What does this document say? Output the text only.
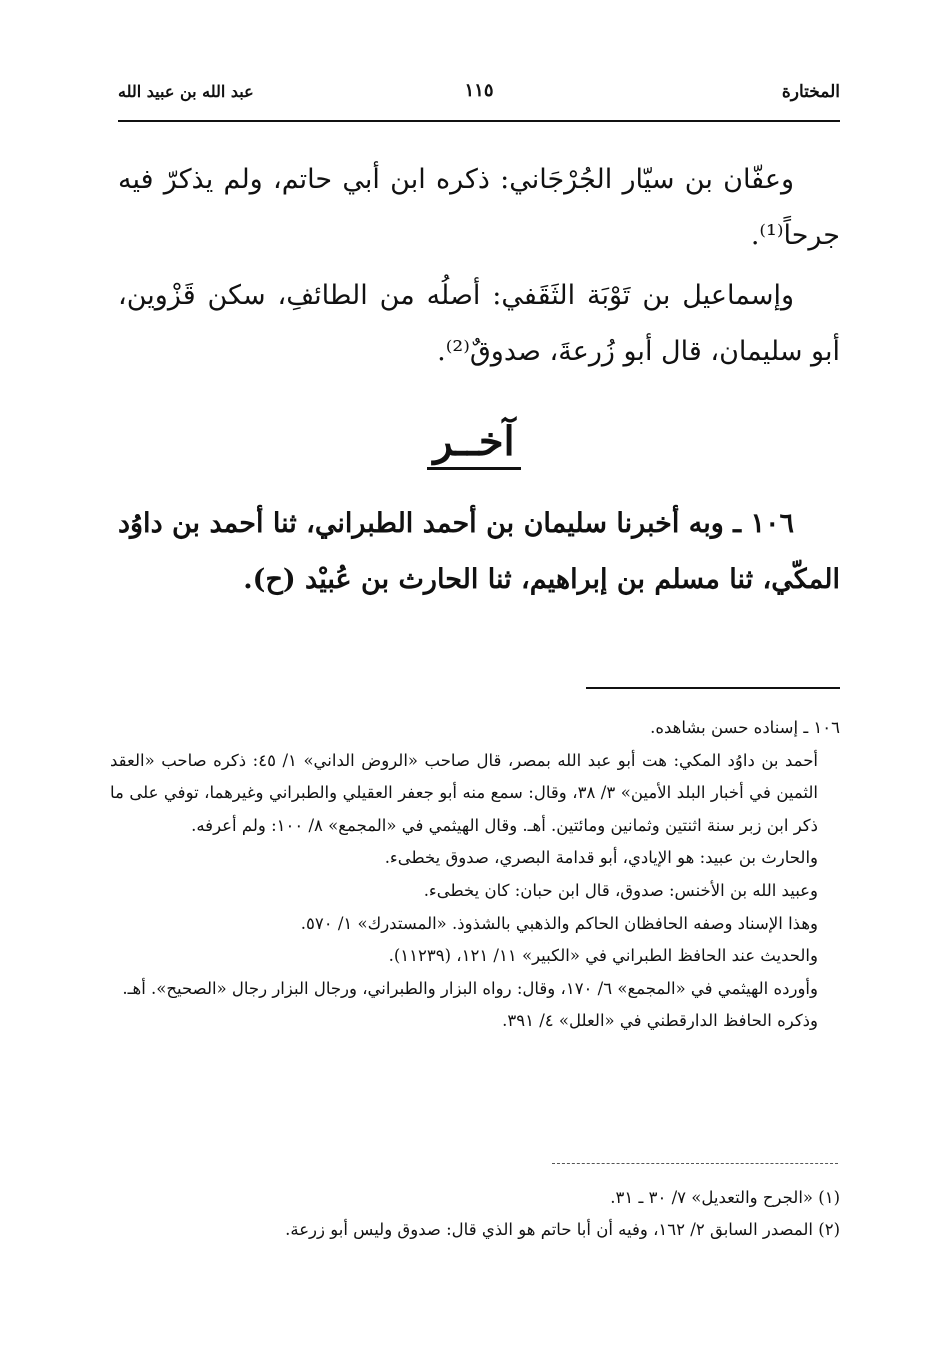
المختارة
١١٥
عبد الله بن عبيد الله
وعفّان بن سيّار الجُرْجَاني: ذكره ابن أبي حاتم، ولم يذكرّ فيه جرحاً⁽¹⁾.
وإسماعيل بن تَوْبَة الثَقَفي: أصلُه من الطائفِ، سكن قَزْوين، أبو سليمان، قال أبو زُرعةَ، صدوقٌ⁽²⁾.
آخــر
١٠٦ ـ وبه أخبرنا سليمان بن أحمد الطبراني، ثنا أحمد بن داوُد المكّي، ثنا مسلم بن إبراهيم، ثنا الحارث بن عُبيْد (ح).
١٠٦ ـ إسناده حسن بشاهده.
أحمد بن داوُد المكي: هت أبو عبد الله بمصر، قال صاحب «الروض الداني» ١/ ٤٥: ذكره صاحب «العقد الثمين في أخبار البلد الأمين» ٣/ ٣٨، وقال: سمع منه أبو جعفر العقيلي والطبراني وغيرهما، توفي على ما ذكر ابن زبر سنة اثنتين وثمانين ومائتين. أهـ. وقال الهيثمي في «المجمع» ٨/ ١٠٠: ولم أعرفه.
والحارث بن عبيد: هو الإيادي، أبو قدامة البصري، صدوق يخطىء.
وعبيد الله بن الأخنس: صدوق، قال ابن حبان: كان يخطىء.
وهذا الإسناد وصفه الحافظان الحاكم والذهبي بالشذوذ. «المستدرك» ١/ ٥٧٠.
والحديث عند الحافظ الطبراني في «الكبير» ١١/ ١٢١، (١١٢٣٩).
وأورده الهيثمي في «المجمع» ٦/ ١٧٠، وقال: رواه البزار والطبراني، ورجال البزار رجال «الصحيح». أهـ.
وذكره الحافظ الدارقطني في «العلل» ٤/ ٣٩١.
(١) «الجرح والتعديل» ٧/ ٣٠ ـ ٣١.
(٢) المصدر السابق ٢/ ١٦٢، وفيه أن أبا حاتم هو الذي قال: صدوق وليس أبو زرعة.
